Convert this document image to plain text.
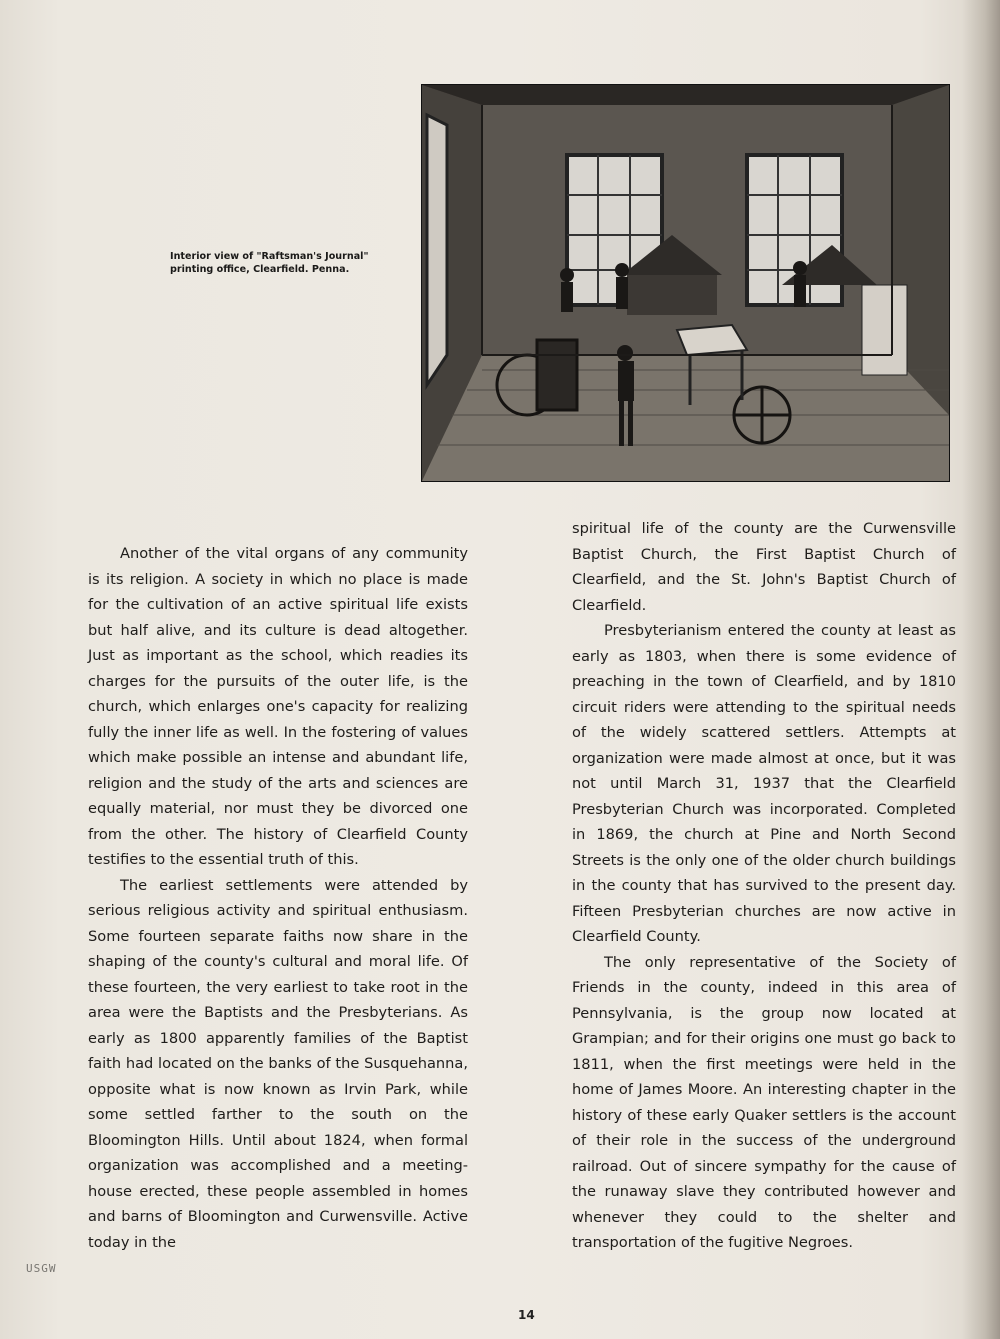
Interior view of "Raftsman's Journal" printing office, Clearfield. Penna.

Another of the vital organs of any community is its religion. A society in which no place is made for the cultivation of an active spiritual life exists but half alive, and its culture is dead altogether. Just as important as the school, which readies its charges for the pursuits of the outer life, is the church, which enlarges one's capacity for realizing fully the inner life as well. In the fostering of values which make possible an intense and abundant life, religion and the study of the arts and sciences are equally material, nor must they be divorced one from the other. The history of Clearfield County testifies to the essential truth of this.

The earliest settlements were attended by serious religious activity and spiritual enthusiasm. Some fourteen separate faiths now share in the shaping of the county's cultural and moral life. Of these fourteen, the very earliest to take root in the area were the Baptists and the Presbyterians. As early as 1800 apparently families of the Baptist faith had located on the banks of the Susquehanna, opposite what is now known as Irvin Park, while some settled farther to the south on the Bloomington Hills. Until about 1824, when formal organization was accomplished and a meeting-house erected, these people assembled in homes and barns of Bloomington and Curwensville. Active today in the

spiritual life of the county are the Curwensville Baptist Church, the First Baptist Church of Clearfield, and the St. John's Baptist Church of Clearfield.

Presbyterianism entered the county at least as early as 1803, when there is some evidence of preaching in the town of Clearfield, and by 1810 circuit riders were attending to the spiritual needs of the widely scattered settlers. Attempts at organization were made almost at once, but it was not until March 31, 1937 that the Clearfield Presbyterian Church was incorporated. Completed in 1869, the church at Pine and North Second Streets is the only one of the older church buildings in the county that has survived to the present day. Fifteen Presbyterian churches are now active in Clearfield County.

The only representative of the Society of Friends in the county, indeed in this area of Pennsylvania, is the group now located at Grampian; and for their origins one must go back to 1811, when the first meetings were held in the home of James Moore. An interesting chapter in the history of these early Quaker settlers is the account of their role in the success of the underground railroad. Out of sincere sympathy for the cause of the runaway slave they contributed however and whenever they could to the shelter and transportation of the fugitive Negroes.

USGW
14
